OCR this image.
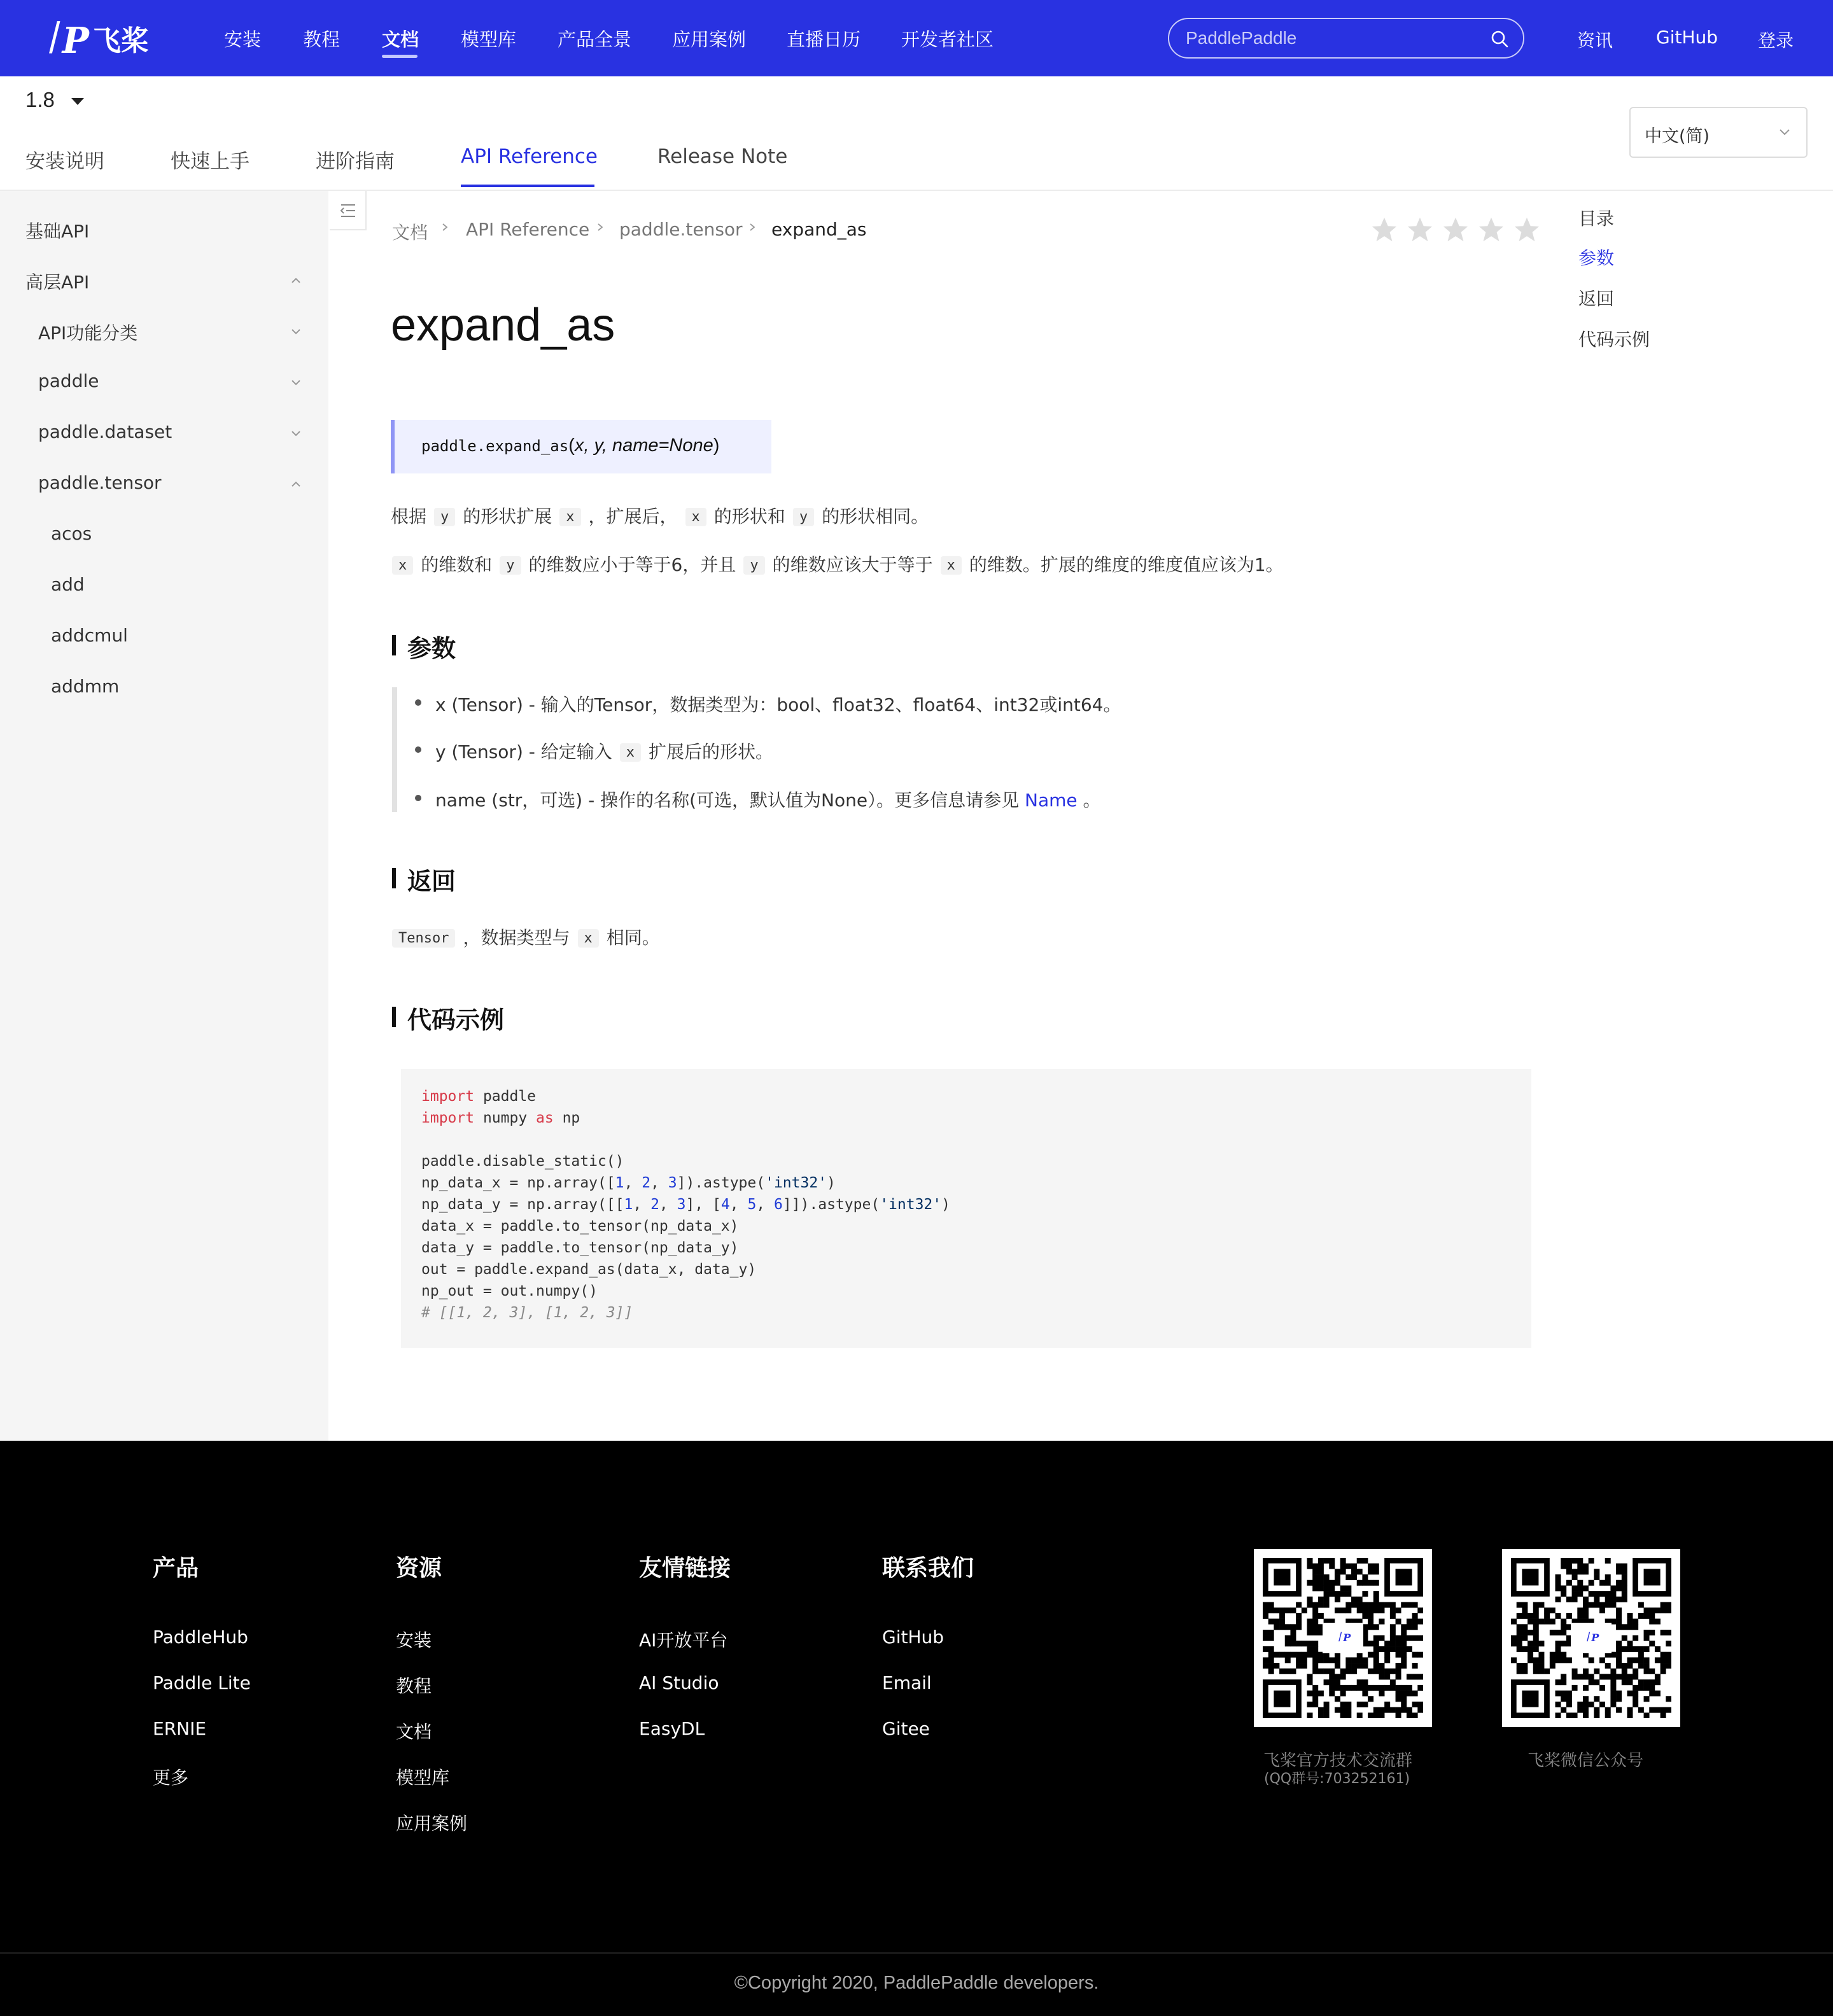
꒐P 飞桨	安装 教程 文档 模型库 产品全景 应用案例 直播日历 开发者社区
PaddlePaddle	资讯 GitHub 登录
1.8
安装说明	快速上手	进阶指南	API Reference	Release Note
中文(简)
基础API
高层API
API功能分类
paddle
paddle.dataset
paddle.tensor
acos
add
addcmul
addmm
文档 API Reference paddle.tensor expand_as
目录
参数
返回
代码示例
expand_as
paddle.expand_as(x, y, name=None)
根据 y 的形状扩展 x ，扩展后， x 的形状和 y 的形状相同。
x 的维数和 y 的维数应小于等于6，并且 y 的维数应该大于等于 x 的维数。扩展的维度的维度值应该为1。
参数
x (Tensor) - 输入的Tensor，数据类型为：bool、float32、float64、int32或int64。
y (Tensor) - 给定输入 x 扩展后的形状。
name (str，可选) - 操作的名称(可选，默认值为None）。更多信息请参见 Name 。
返回
Tensor ，数据类型与 x 相同。
代码示例
import paddle
import numpy as np
paddle.disable_static()
np_data_x = np.array([1, 2, 3]).astype('int32')
np_data_y = np.array([[1, 2, 3], [4, 5, 6]]).astype('int32')
data_x = paddle.to_tensor(np_data_x)
data_y = paddle.to_tensor(np_data_y)
out = paddle.expand_as(data_x, data_y)
np_out = out.numpy()
# [[1, 2, 3], [1, 2, 3]]
产品
PaddleHub
Paddle Lite
ERNIE
更多
资源
安装
教程
文档
模型库
应用案例
友情链接
AI开放平台
AI Studio
EasyDL
联系我们
GitHub
Email
Gitee
꒐P
飞桨官方技术交流群
(QQ群号:703252161)
꒐P
飞桨微信公众号
©Copyright 2020, PaddlePaddle developers.
